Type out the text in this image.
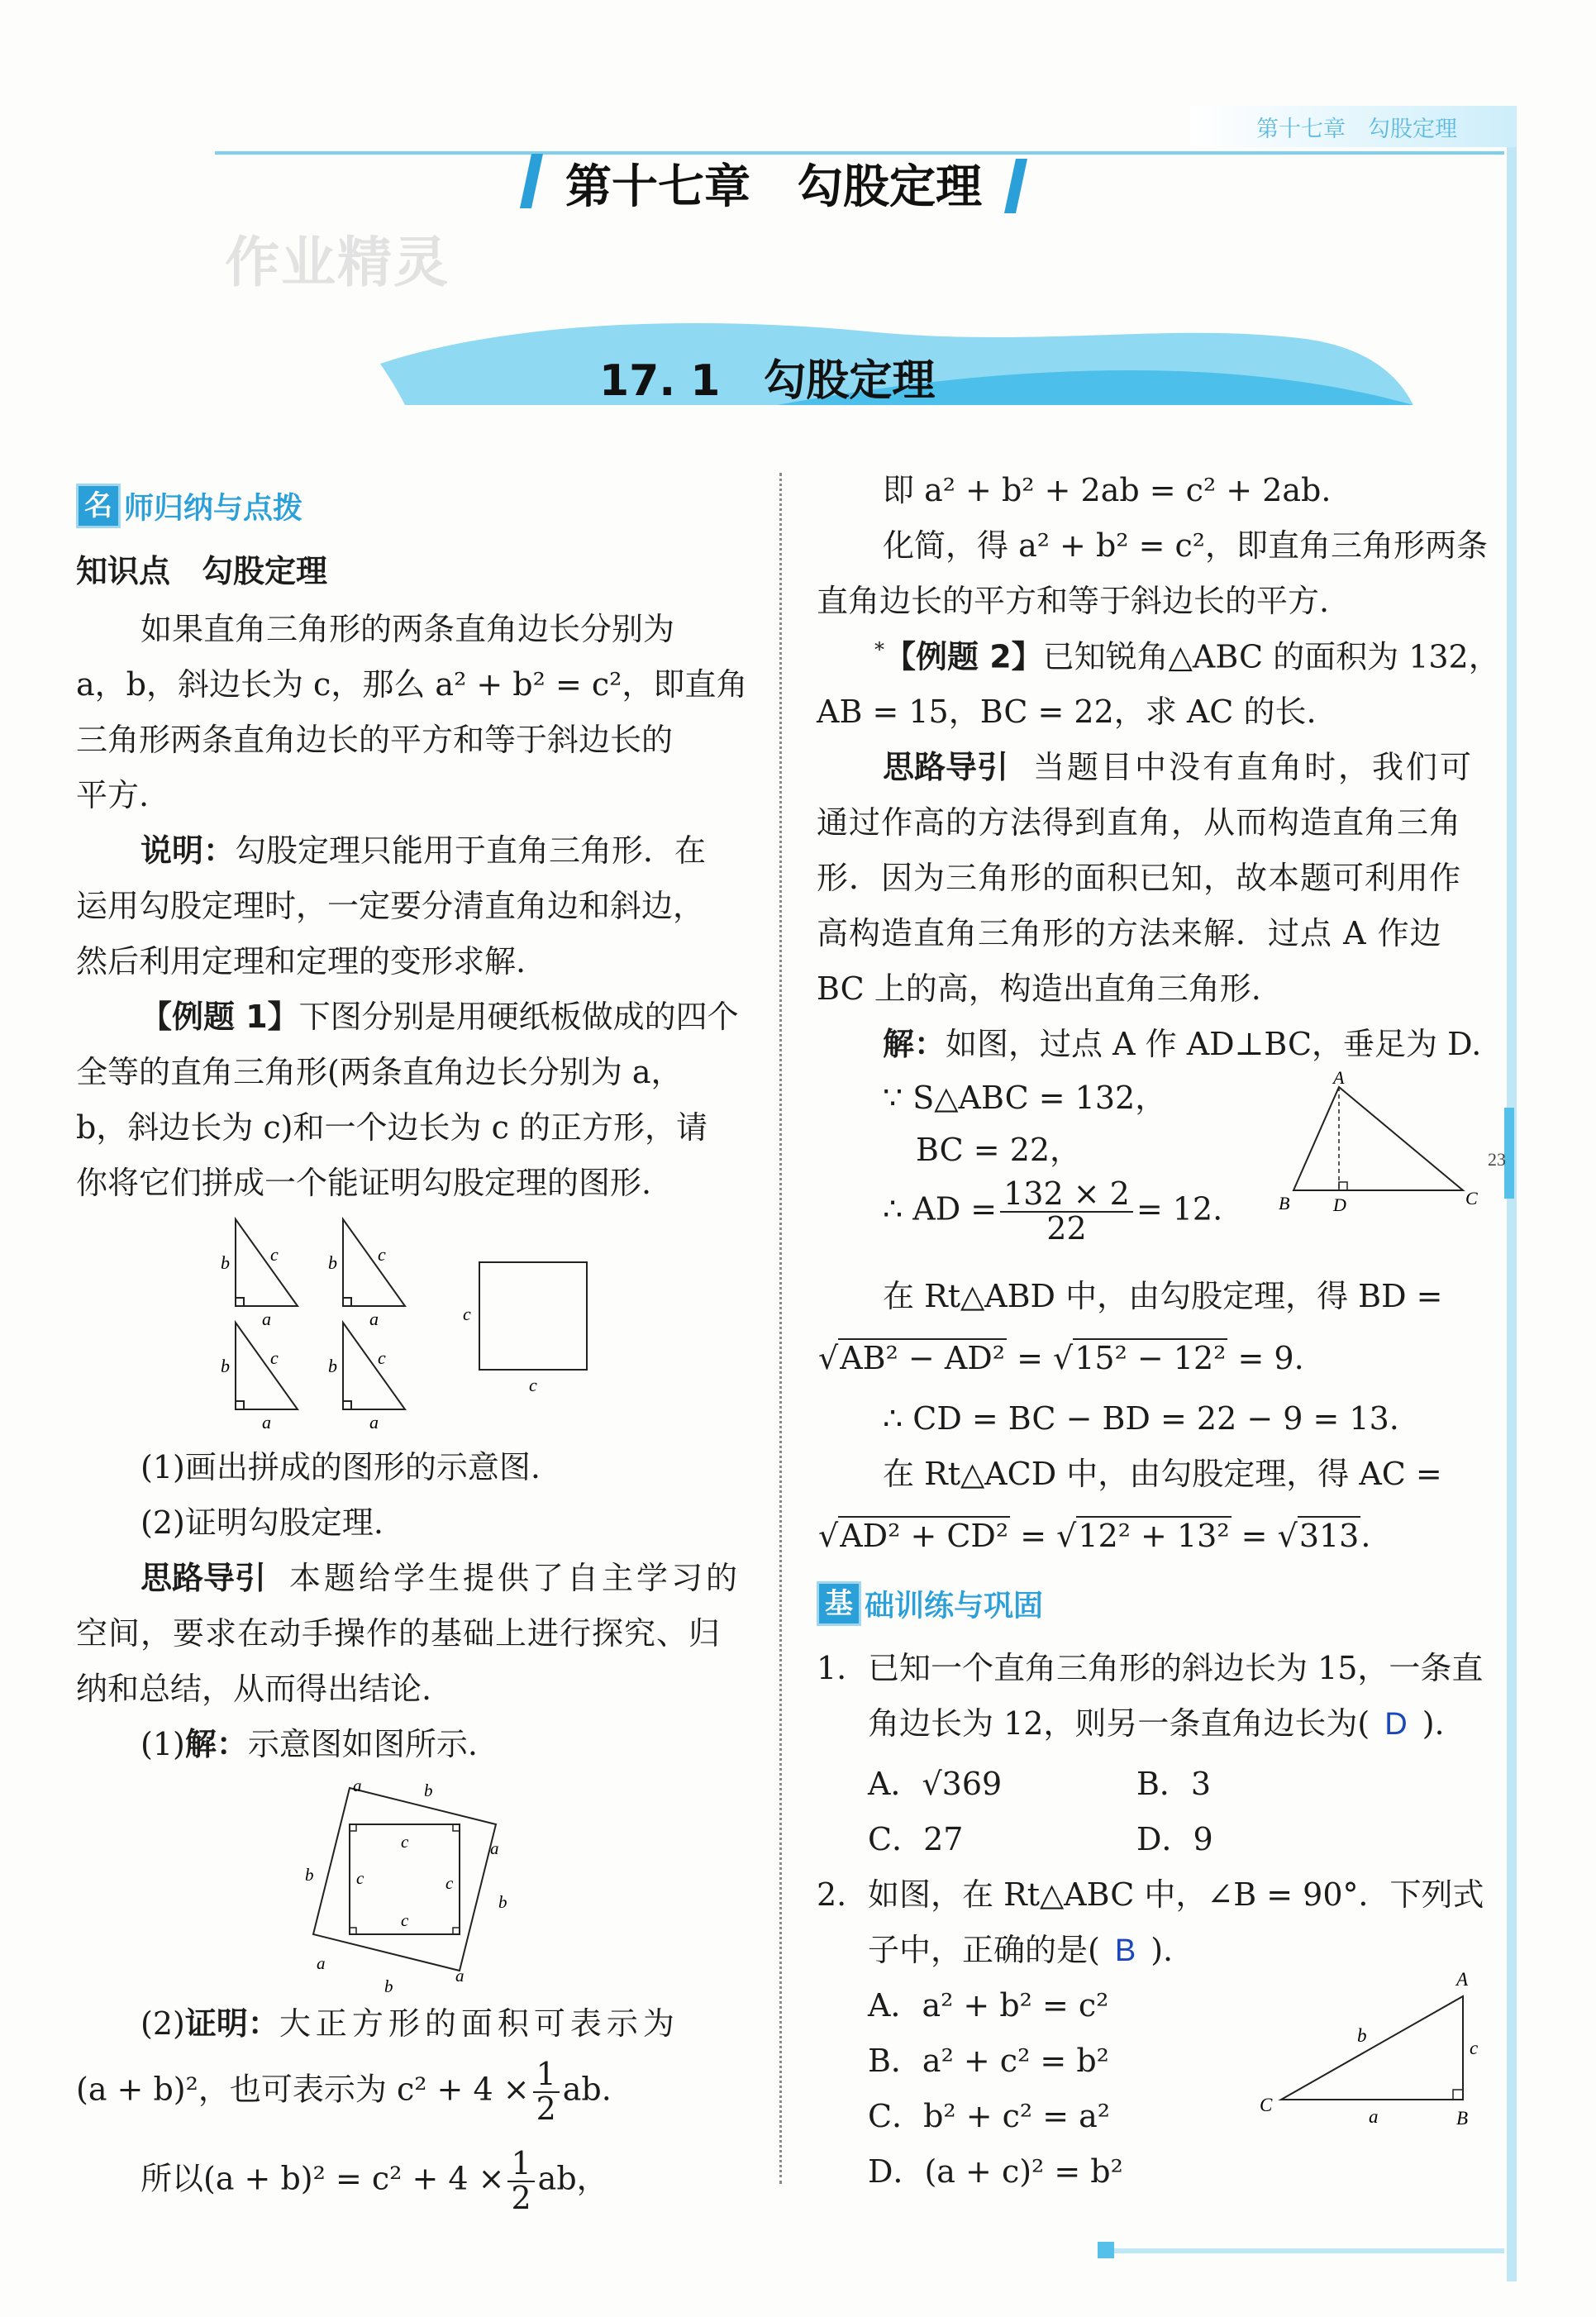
第十七章　勾股定理
23
第十七章　勾股定理
作业精灵
17. 1　勾股定理
名 师归纳与点拨
知识点　勾股定理
如果直角三角形的两条直角边长分别为
a，b，斜边长为 c，那么 a² + b² = c²，即直角
三角形两条直角边长的平方和等于斜边长的
平方.
说明：勾股定理只能用于直角三角形．在
运用勾股定理时，一定要分清直角边和斜边，
然后利用定理和定理的变形求解.
【例题 1】下图分别是用硬纸板做成的四个
全等的直角三角形(两条直角边长分别为 a，
b，斜边长为 c)和一个边长为 c 的正方形，请
你将它们拼成一个能证明勾股定理的图形.
b c
a
b c
a
b c
a
b c
a
c
c
(1)画出拼成的图形的示意图.
(2)证明勾股定理.
思路导引 本题给学生提供了自主学习的
空间，要求在动手操作的基础上进行探究、归
纳和总结，从而得出结论.
(1)解：示意图如图所示.
a	b
a
b
b
a
b
a
c
c	c
c
(2)证明：大正方形的面积可表示为
(a + b)²，也可表示为 $c^2 + 4 \times \frac{1}{2}$ ab.
所以$(a + b)^2 = c^2 + 4 \times \frac{1}{2}$ ab，
即 a² + b² + 2ab = c² + 2ab.
化简，得 a² + b² = c²，即直角三角形两条
直角边长的平方和等于斜边长的平方.
*【例题 2】已知锐角△ABC 的面积为 132，
AB = 15，BC = 22，求 AC 的长.
思路导引 当题目中没有直角时，我们可
通过作高的方法得到直角，从而构造直角三角
形．因为三角形的面积已知，故本题可利用作
高构造直角三角形的方法来解．过点 A 作边
BC 上的高，构造出直角三角形.
解：如图，过点 A 作 AD⊥BC，垂足为 D.
∵ S△ABC = 132，
BC = 22，
∴ AD = $\frac{132 \times 2}{22} = 12$.
A
B D	C
在 Rt△ABD 中，由勾股定理，得 BD =
√AB² − AD² = √15² − 12² = 9.
∴ CD = BC − BD = 22 − 9 = 13.
在 Rt△ACD 中，由勾股定理，得 AC =
√AD² + CD² = √12² + 13² = √313.
基 础训练与巩固
1. 已知一个直角三角形的斜边长为 15，一条直
角边长为 12，则另一条直角边长为( D ).
A．√369	B．3
C．27	D．9
2. 如图，在 Rt△ABC 中，∠B = 90°．下列式
子中，正确的是( B ).
A．a² + b² = c²
B．a² + c² = b²
C．b² + c² = a²
D．(a + c)² = b²
A
C
B
b
c
a
